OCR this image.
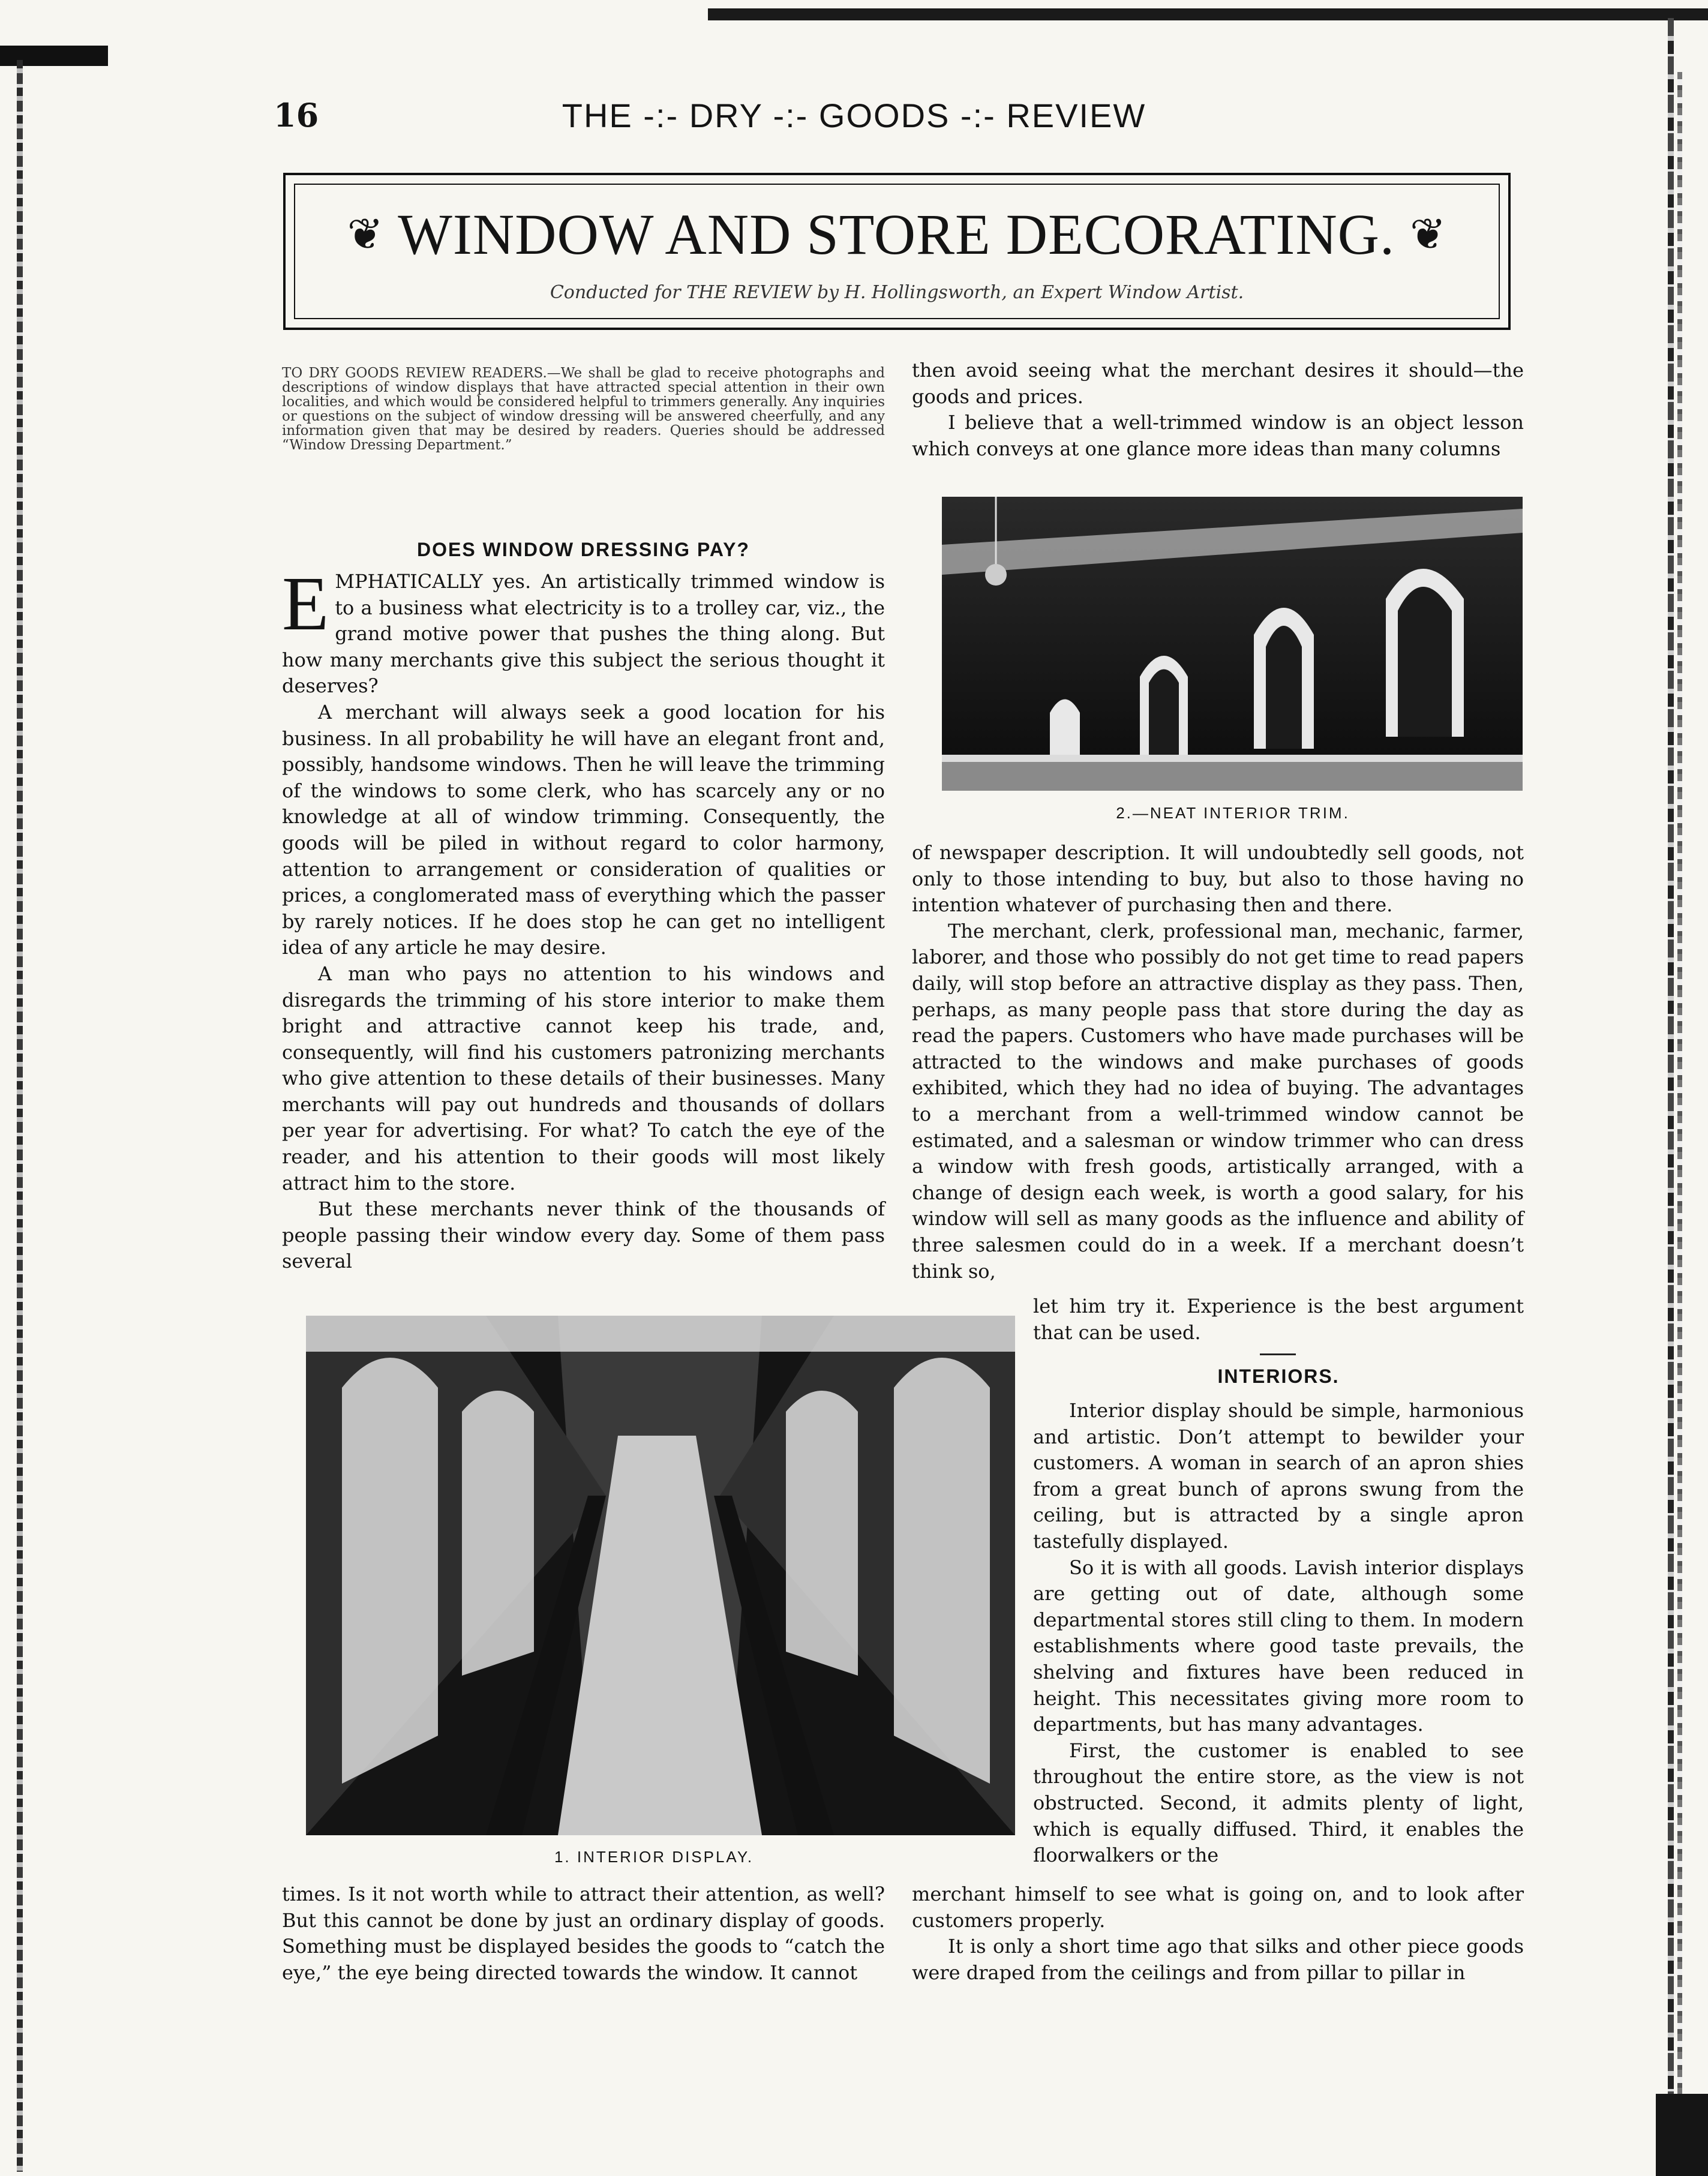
16	THE -:- DRY -:- GOODS -:- REVIEW
❦ WINDOW AND STORE DECORATING. ❦
Conducted for THE REVIEW by H. Hollingsworth, an Expert Window Artist.
TO DRY GOODS REVIEW READERS.—We shall be glad to receive photographs and descriptions of window displays that have attracted special attention in their own localities, and which would be considered helpful to trimmers generally. Any inquiries or questions on the subject of window dressing will be answered cheerfully, and any information given that may be desired by readers. Queries should be addressed “Window Dressing Department.”
DOES WINDOW DRESSING PAY?

EMPHATICALLY yes. An artistically trimmed window is to a business what electricity is to a trolley car, viz., the grand motive power that pushes the thing along. But how many merchants give this subject the serious thought it deserves?

A merchant will always seek a good location for his business. In all probability he will have an elegant front and, possibly, handsome windows. Then he will leave the trimming of the windows to some clerk, who has scarcely any or no knowledge at all of window trimming. Consequently, the goods will be piled in without regard to color harmony, attention to arrangement or consideration of qualities or prices, a conglomerated mass of everything which the passer by rarely notices. If he does stop he can get no intelligent idea of any article he may desire.

A man who pays no attention to his windows and disregards the trimming of his store interior to make them bright and attractive cannot keep his trade, and, consequently, will find his customers patronizing merchants who give attention to these details of their businesses. Many merchants will pay out hundreds and thousands of dollars per year for advertising. For what? To catch the eye of the reader, and his attention to their goods will most likely attract him to the store.

But these merchants never think of the thousands of people passing their window every day. Some of them pass several

then avoid seeing what the merchant desires it should—the goods and prices.

I believe that a well-trimmed window is an object lesson which conveys at one glance more ideas than many columns

2.—NEAT INTERIOR TRIM.

of newspaper description. It will undoubtedly sell goods, not only to those intending to buy, but also to those having no intention whatever of purchasing then and there.

The merchant, clerk, professional man, mechanic, farmer, laborer, and those who possibly do not get time to read papers daily, will stop before an attractive display as they pass. Then, perhaps, as many people pass that store during the day as read the papers. Customers who have made purchases will be attracted to the windows and make purchases of goods exhibited, which they had no idea of buying. The advantages to a merchant from a well-trimmed window cannot be estimated, and a salesman or window trimmer who can dress a window with fresh goods, artistically arranged, with a change of design each week, is worth a good salary, for his window will sell as many goods as the influence and ability of three salesmen could do in a week. If a merchant doesn’t think so,

1. INTERIOR DISPLAY.

let him try it. Experience is the best argument that can be used.

INTERIORS.

Interior display should be simple, harmonious and artistic. Don’t attempt to bewilder your customers. A woman in search of an apron shies from a great bunch of aprons swung from the ceiling, but is attracted by a single apron tastefully displayed.

So it is with all goods. Lavish interior displays are getting out of date, although some departmental stores still cling to them. In modern establishments where good taste prevails, the shelving and fixtures have been reduced in height. This necessitates giving more room to departments, but has many advantages.

First, the customer is enabled to see throughout the entire store, as the view is not obstructed. Second, it admits plenty of light, which is equally diffused. Third, it enables the floorwalkers or the

times. Is it not worth while to attract their attention, as well? But this cannot be done by just an ordinary display of goods. Something must be displayed besides the goods to “catch the eye,” the eye being directed towards the window. It cannot

merchant himself to see what is going on, and to look after customers properly.

It is only a short time ago that silks and other piece goods were draped from the ceilings and from pillar to pillar in
